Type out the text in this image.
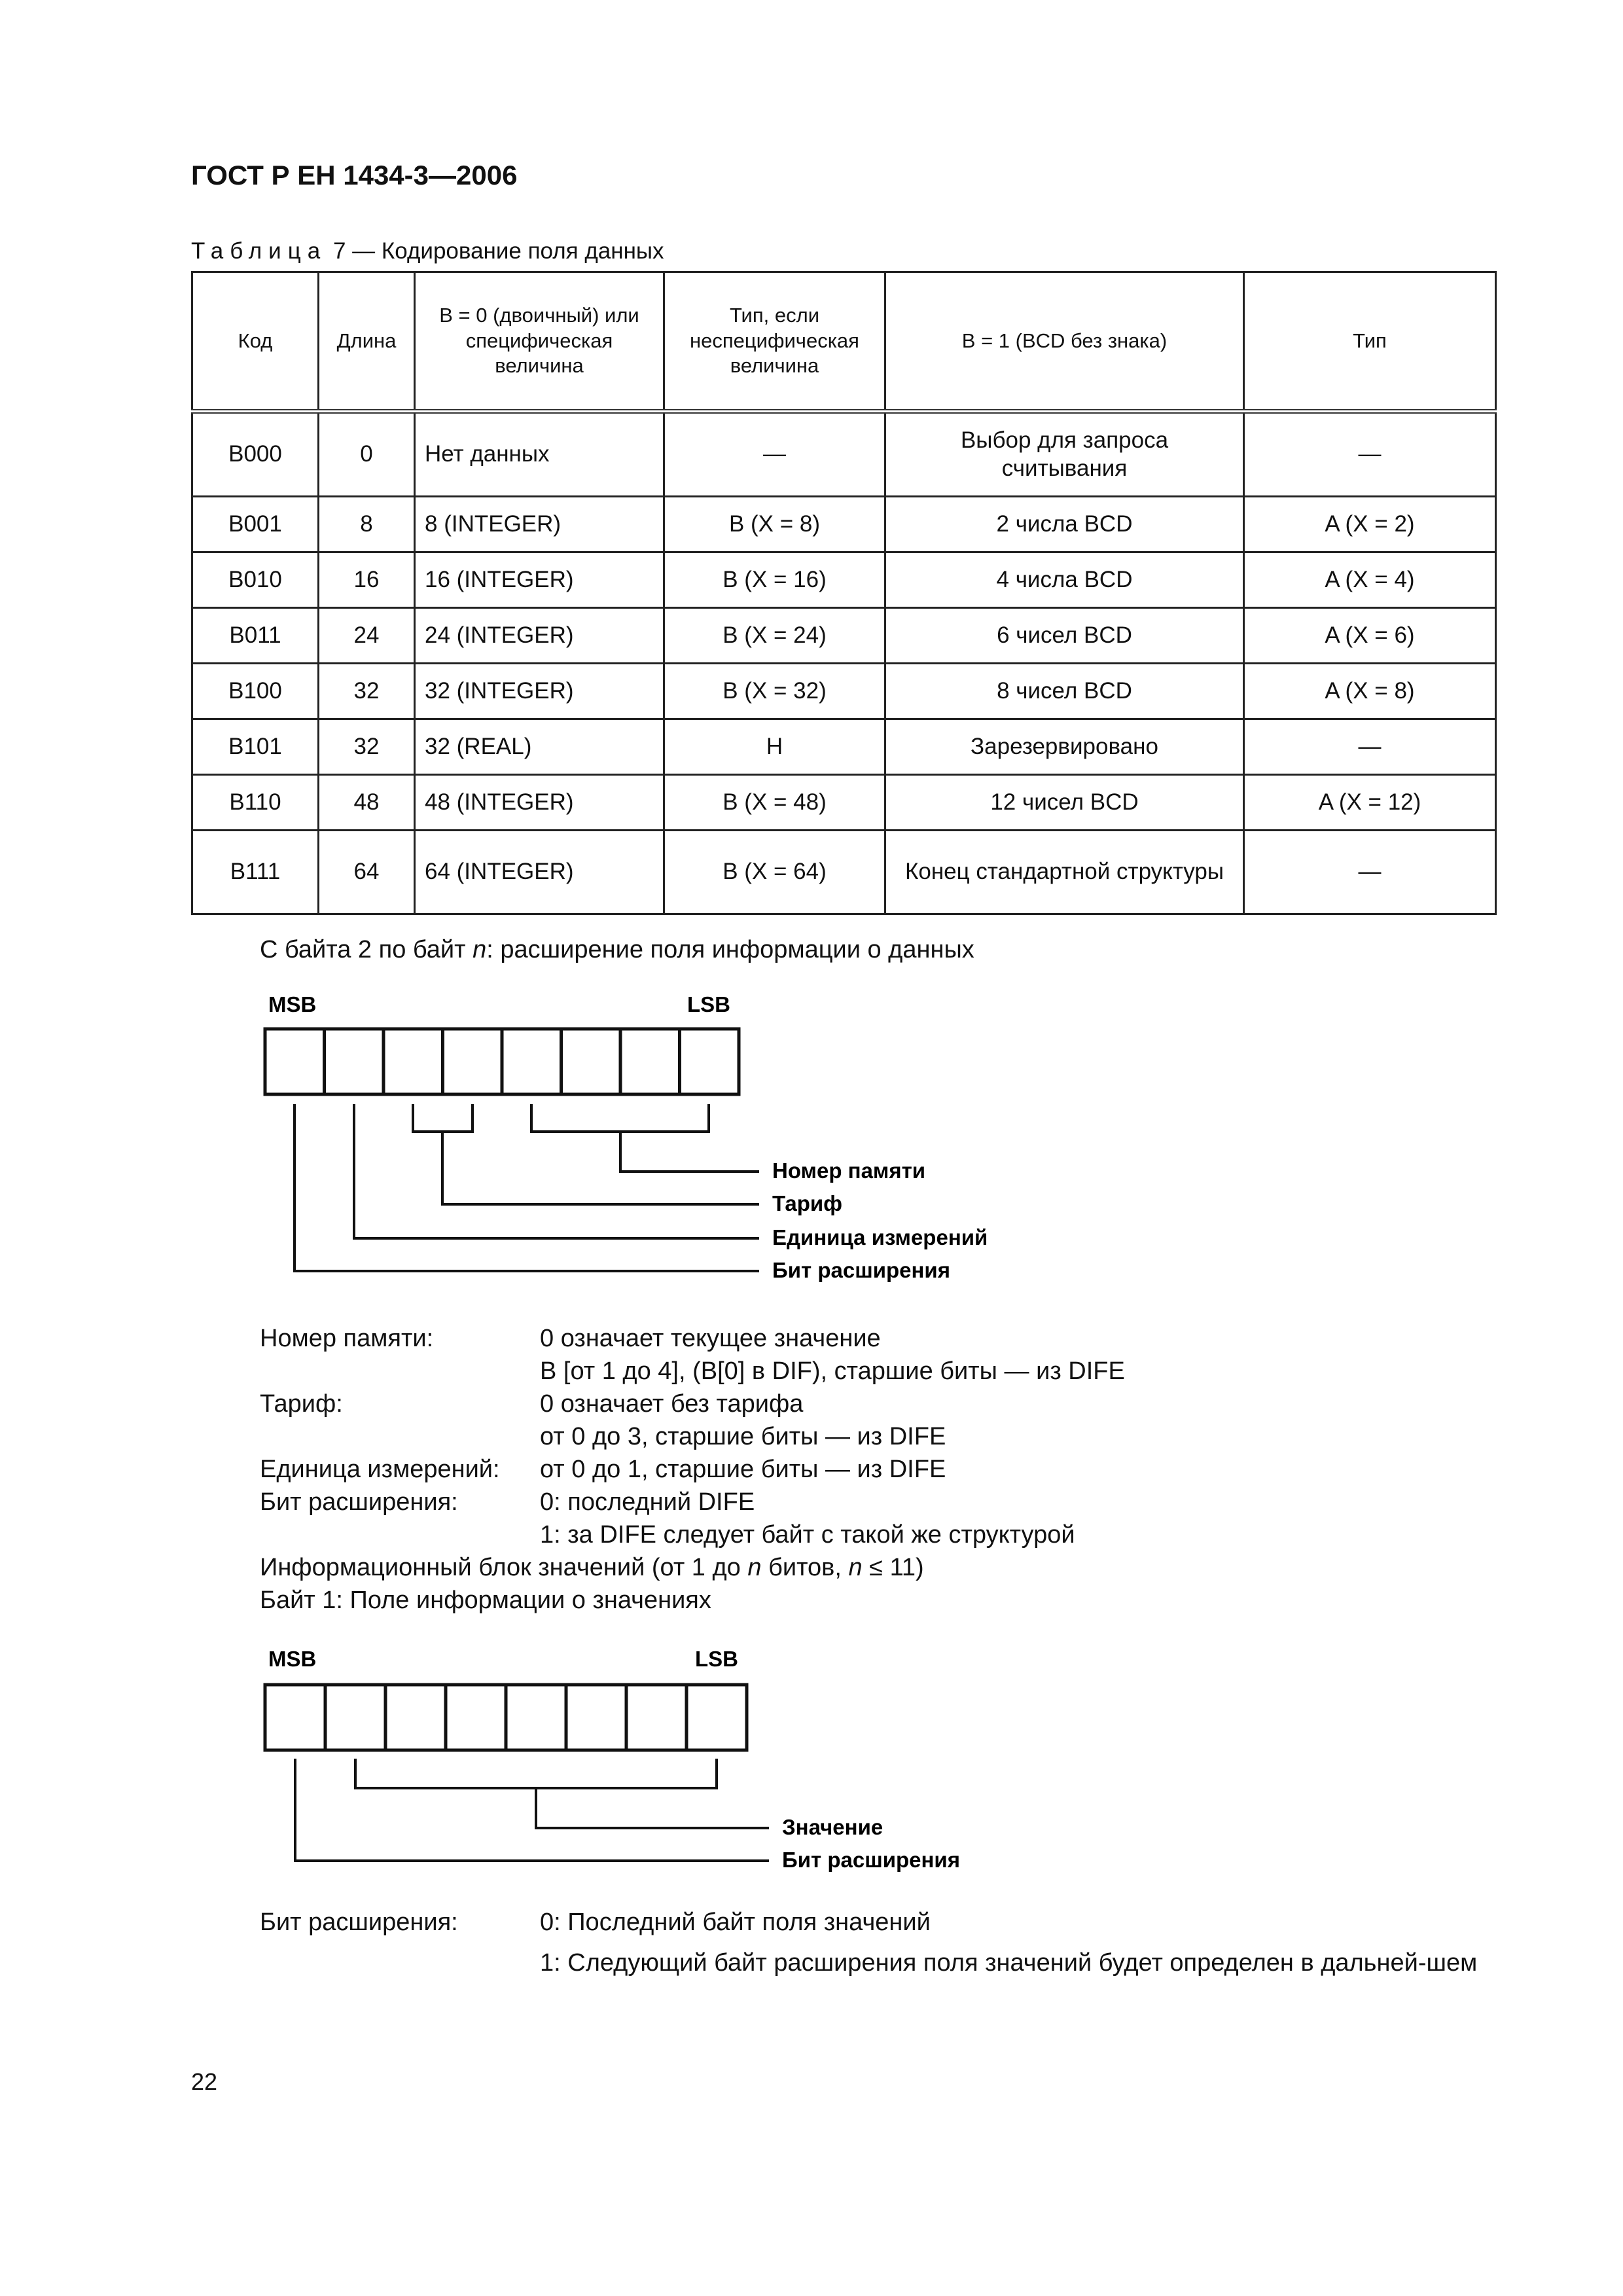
ГОСТ Р ЕН 1434-3—2006
Таблица 7 — Кодирование поля данных
Код	Длина	B = 0 (двоичный) или специфическая величина	Тип, если неспецифическая величина	B = 1 (BCD без знака)	Тип
B000	0	Нет данных	—	Выбор для запроса считывания	—
B001	8	8 (INTEGER)	B (X = 8)	2 числа BCD	A (X = 2)
B010	16	16 (INTEGER)	B (X = 16)	4 числа BCD	A (X = 4)
B011	24	24 (INTEGER)	B (X = 24)	6 чисел BCD	A (X = 6)
B100	32	32 (INTEGER)	B (X = 32)	8 чисел BCD	A (X = 8)
B101	32	32 (REAL)	H	Зарезервировано	—
B110	48	48 (INTEGER)	B (X = 48)	12 чисел BCD	A (X = 12)
B111	64	64 (INTEGER)	B (X = 64)	Конец стандартной структуры	—
С байта 2 по байт n: расширение поля информации о данных
MSB	LSB
Номер памяти
Тариф
Единица измерений
Бит расширения
Номер памяти:	0 означает текущее значение
B [от 1 до 4], (B[0] в DIF), старшие биты — из DIFE
Тариф:	0 означает без тарифа
от 0 до 3, старшие биты — из DIFE
Единица измерений:	от 0 до 1, старшие биты — из DIFE
Бит расширения:	0: последний DIFE
1: за DIFE следует байт с такой же структурой
Информационный блок значений (от 1 до n битов, n ≤ 11)
Байт 1: Поле информации о значениях
MSB	LSB
Значение
Бит расширения
Бит расширения:	0: Последний байт поля значений
1: Следующий байт расширения поля значений будет определен в дальней-шем
22
